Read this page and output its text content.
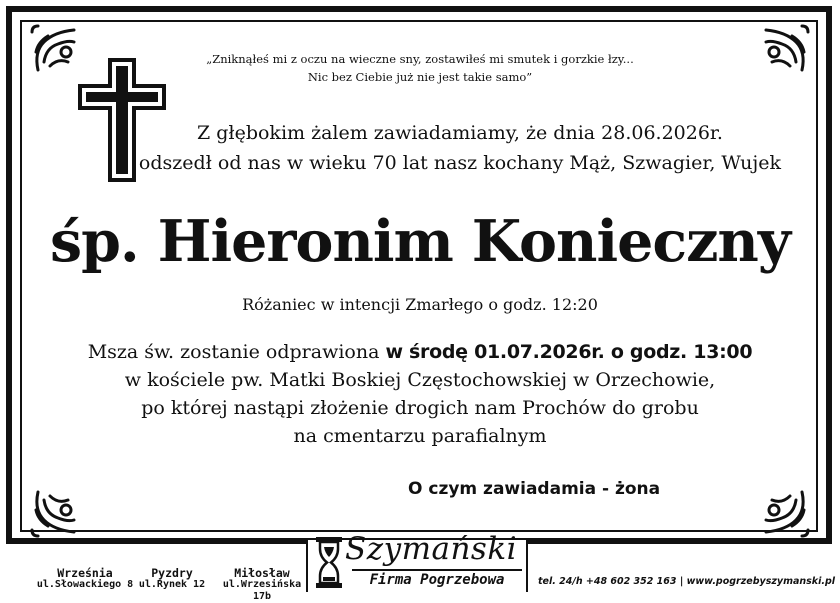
„Zniknąłeś mi z oczu na wieczne sny, zostawiłeś mi smutek i gorzkie łzy...
Nic bez Ciebie już nie jest takie samo”
Z głębokim żalem zawiadamiamy, że dnia 28.06.2026r.
odszedł od nas w wieku 70 lat nasz kochany Mąż, Szwagier, Wujek
śp. Hieronim Konieczny
Różaniec w intencji Zmarłego o godz. 12:20
Msza św. zostanie odprawiona w środę 01.07.2026r. o godz. 13:00
w kościele pw. Matki Boskiej Częstochowskiej w Orzechowie,
po której nastąpi złożenie drogich nam Prochów do grobu
na cmentarzu parafialnym
O czym zawiadamia - żona
Września
ul.Słowackiego 8
Pyzdry
ul.Rynek 12
Miłosław
ul.Wrzesińska 17b
Szymański
Firma Pogrzebowa	tel. 24/h +48 602 352 163 | www.pogrzebyszymanski.pl
